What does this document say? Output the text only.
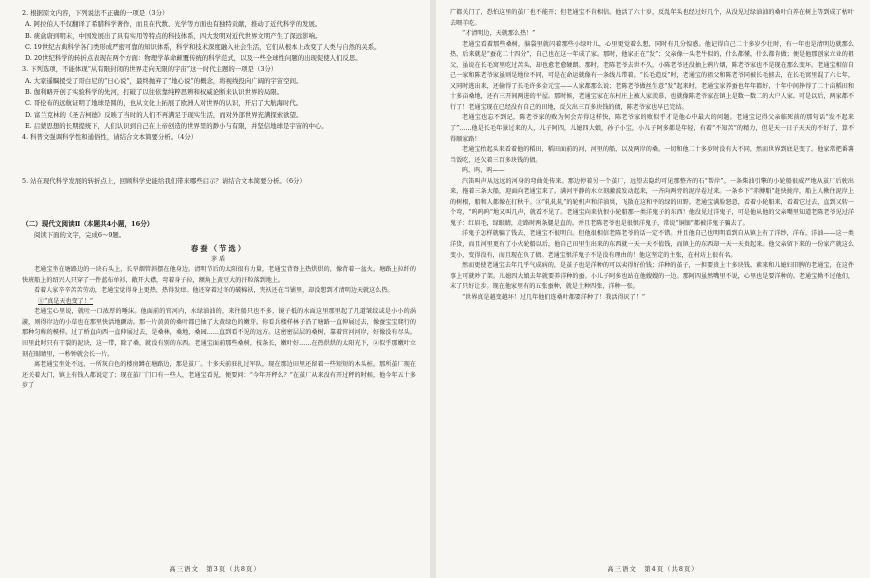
2. 根据原文内容，下列说法不正确的一项是（3分）

A. 阿拉伯人不仅翻译了希腊科学著作，而且在代数、光学等方面也有独特贡献，推动了近代科学的发展。

B. 痰盒唐到明末，中国发展出了具有实用等特点的科技体系，四大发明对近代世界文明产生了深远影响。

C. 19世纪古典科学各门类形成严密可靠的知识体系，科学和技术深度融入社会生活，它们从根本上改变了人类与自然的关系。

D. 20世纪科学的转折点表现在两个方面：物理学革命颠覆传统的科学范式，以及一些全球性问题的出现促使人们反思。

3. 下列选项，不能体现“从有限封闭的世界走向无限的宇宙”这一时代主题的一项是（3分）

A. 大家遥瞩援受了哥白尼的“日心说”，最终抛弃了“地心说”的概念，将视线投向广阔的宇宙空间。

B. 伽利略开创了实验科学的先河，打破了以往依靠纯粹思辨和权威论断来认识世界的局限。

C. 哥伦布的远航证明了地球是圆的，也从文化上拓展了欧洲人对世界的认识，开启了大航海时代。

D. 富兰克林的《圣吉柯德》反映了当时的人们不再满足于现实生活，而对外部世界充满探索欲望。

E. 启蒙思想的长期提统下，人们认识到自己在上帝创造的世界里的渺小与有限，并坚信地球是宇宙的中心。

4. 科普文强调科学性和通俗性，请结合文本简要分析。（4分）

5. 站在现代科学发展的转折点上，回顾科学史能给我们带来哪些启示？请结合文本简要分析。（6分）

（二）现代文阅读Ⅱ（本题共4小题，16分）

阅读下面的文字，完成6～9题。

春蚕（节选）

茅盾

老通宝坐在塘路边的一块石头上，长旱烟管斜摆在他身边。清明节后的太阳很有力量，老通宝背脊上热烘烘的，像背着一盆火。塘路上拉纤的快班船上的绍兴人只穿了一件蓝布单衫，敞开大襟，弯着身子拉，额角上黄豆大的汗粒落到地上。

看着人家辛辛苦苦劳动，老通宝觉得身上更热，热得发痒。他还穿着过冬的破棉袄，夹袄还在当铺里，却没想到才清明边天就这么热。

①“真是天也变了！”

老通宝心里说，就吐一口浓厚的唾沫。他面前的官河内，水绿油油的，来往船只也不多，镜子抵的水面这里那里起了几道皱纹或是小小的涡漩，则得岸边的小草也在那里快活地颤动。那一片黄黄的桑叶都已抽了大黄绿色的嫩芽。你看兵楼样林子沿了塘路一直伸展过去，像蚕宝宝爬行的那种匀称的模样。过了桥直向西一直伸展过去，是桑林，桑地，桑园……直到看不见的远方。这密密层层的桑树，靠着官河河岸，好像没有尽头。田里此时只有干裂的泥块，这一带，除了桑，就没有别的东西。老通宝面前那些桑树，枝条长，嫩叶好……在热烘烘的太阳光下，②似乎那嫩叶立刻在眼睛里，一秒钟就会长一片。

离老通宝坐处不远，一所灰白色的楼房蹲在塘路边，那是茧厂。十多天前驻扎过军队，现在那边田里还留着一些短短的木头桩。那所茧厂现在还关着大门，镇上有钱人都说定了；现在茧厂门口有一些人，老通宝看见，便要问：“今年开秤么？”在茧厂从来没有开过秤的时候，他今年五十多岁了

高三语文　第3页（共8页）

广都关门了，恐怕这里的茧厂也不能开；但老通宝不肯相信。他活了六十岁，反乱年头也经过好几个，从没见过绿油油的桑叶白养在树上等到成了枯叶去喂羊吃。

“才清明边，天就那么热！”

老通宝看着那些桑树，脑袋里就闪着那些小绿叶儿，心里更觉着么想，同时有几分惶惑。他记得自己二十多岁少壮时，有一年也是清明边就那么热，后来就是“蚕花二十四分”，自己也在这一年成了家。那时，他家正在“发”；父亲像一头老牛似的，什么都懂，什么都肯做；便是他那创家立业的祖父，虽说在长毛窝里吃过苦头，却也愈老愈硬朗。那时，老陈老爷去世不久，小陈老爷还没抽上鸦片烟，陈老爷家也不是现在那么变坏。老通宝相信自己一家和陈老爷家虽则是地位不同，可是在命运就像有一条线儿带着。“长毛造反”时，老通宝的祖父和陈老爷同被长毛掳去，在长毛窝里混了六七年，又同时逃出来，还偷得了长毛许多金元宝——人家都那么说；老陈老爷做丝生意“发”起来时，老通宝家养蚕也年年都好，十年中间挣得了二十亩稻田和十多亩桑地，还有三开间两进的平屋。那时候，老通宝家在东村庄上被人家羡慕，也就像陈老爷家在镇上是数一数二的大户人家。可是以后，两家都不行了！老通宝现在已经没有自己的田地，反欠出三百多块钱的债，陈老爷家也早已完结。

老通宝也忘不到记，陈老爷家的败为何会弄得这样快，陈老爷家的败似乎才是他心中最大的问题。老通宝记得父亲临死前的那句话“发不起来了”……他是长毛年景过来的人，儿子阿四，儿媳四大娘，孙子小宝，小儿子阿多都是年轻，有着“不知苦”的精力，但是天一日子天天的不好了，算不得顺家路！

老通宝抬起头来看着他的稻田，稻田面前的河，河里的船，以及两岸的桑。一切和他二十多岁时没有大不同，然而世界到底是变了。他家常把番薯当饭吃，还欠着三百多块钱的债。

呜，呜，呜——

汽笛叫声从远远的河身的弯曲处传来。那边停着另一个茧厂，远望去隐约可见那整齐的石“帮岸”。一条柴油引擎的小轮船很威严地从茧厂后驶出来，拖着三条大船，迎面向老通宝来了。满河平静的水立刻激波发动起来，一齐向两旁的泥岸卷过来。一条乡下“赤膊船”赶快拢岸，船上人揪住泥岸上的树根，船和人都像在打秋千。③“轧轧轧”的轮机声和洋油臭，飞散在这和平的绿的田野。老通宝满脸怒意，看着小轮船来，看着它过去，直到又转一个弯，“呜呜呜”地又叫几声，就看不见了。老通宝向来仇恨小轮船那一类洋鬼子的东西！他没见过洋鬼子，可是他从他的父亲嘴里知道老陈老爷见过洋鬼子：红眉毛，绿眼睛，走路时两条腿是直的。并且老陈老爷也是很恨洋鬼子，常说“铜钿”都被洋鬼子骗去了。

洋鬼子怎样就骗了钱去，老通宝不很明白。但他很相信老陈老爷的话一定不错。并且他自己也明明看到自从镇上有了洋纱，洋布，洋油——这一类洋货，而且河里更有了小火轮船以后，他自己田里生出来的东西就一天一天不值钱，而镇上的东西却一天一天贵起来。他父亲留下来的一份家产就这么变小，变得没有，而且现在负了债。老通宝恨洋鬼子不是没有理由的！他这坚定的主张，在村坊上很有名。

然而更使老通宝去年几乎气成病的，是茧子也是洋种的可以卖得好价钱；洋种的茧子，一担要贵上十多块钱。素来和儿媳妇旧脾的老通宝，在这件事上可就吵了架。儿媳四大娘去年就要养洋种的蚕。小儿子阿多也站在他嫂嫂的一边。那阿四虽然嘴里不说，心里也是要洋种的。老通宝拗不过他们，末了只好让步。现在他家里有的五张蚕种，就是土种四张，洋种一张。

“世界真是越变越坏！过几年他们连桑叶都要洋种了！我活得厌了！”

高三语文　第4页（共8页）
